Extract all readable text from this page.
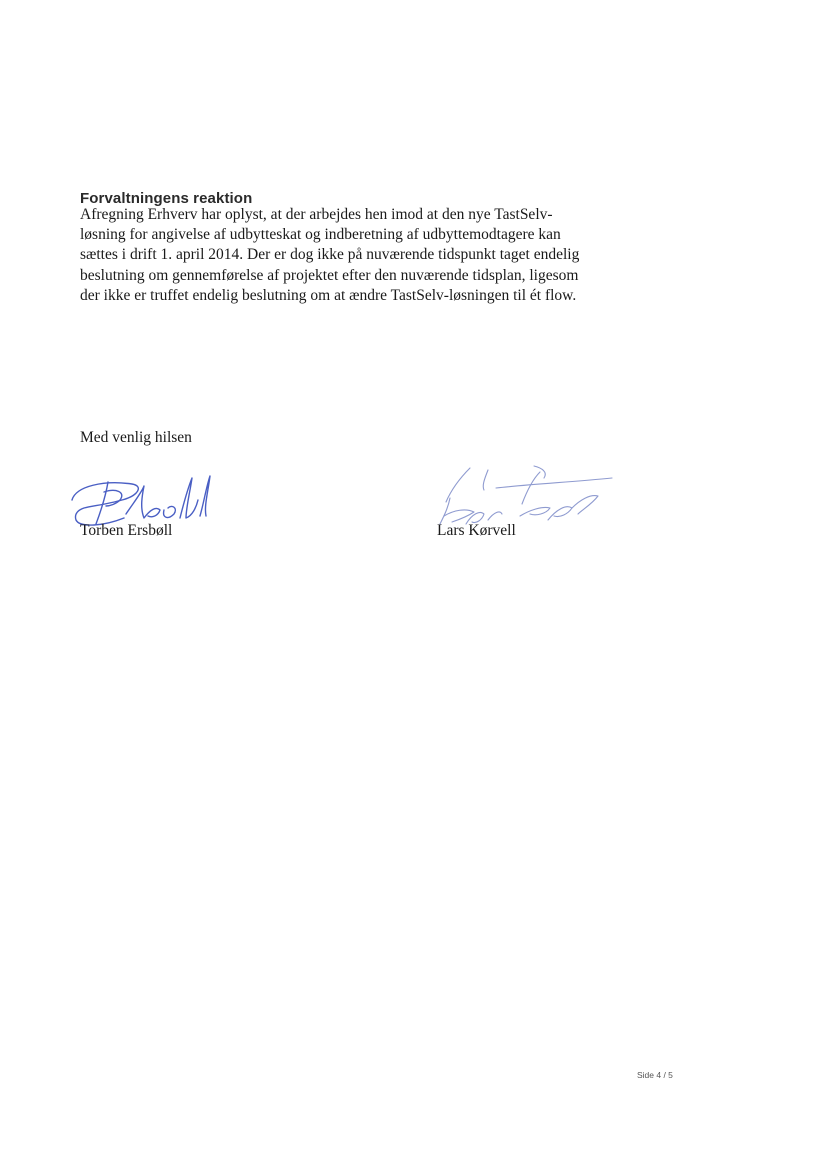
Forvaltningens reaktion

Afregning Erhverv har oplyst, at der arbejdes hen imod at den nye TastSelv-
løsning for angivelse af udbytteskat og indberetning af udbyttemodtagere kan
sættes i drift 1. april 2014. Der er dog ikke på nuværende tidspunkt taget endelig
beslutning om gennemførelse af projektet efter den nuværende tidsplan, ligesom
der ikke er truffet endelig beslutning om at ændre TastSelv-løsningen til ét flow.

Med venlig hilsen

Torben Ersbøll	Lars Kørvell

Side 4 / 5
